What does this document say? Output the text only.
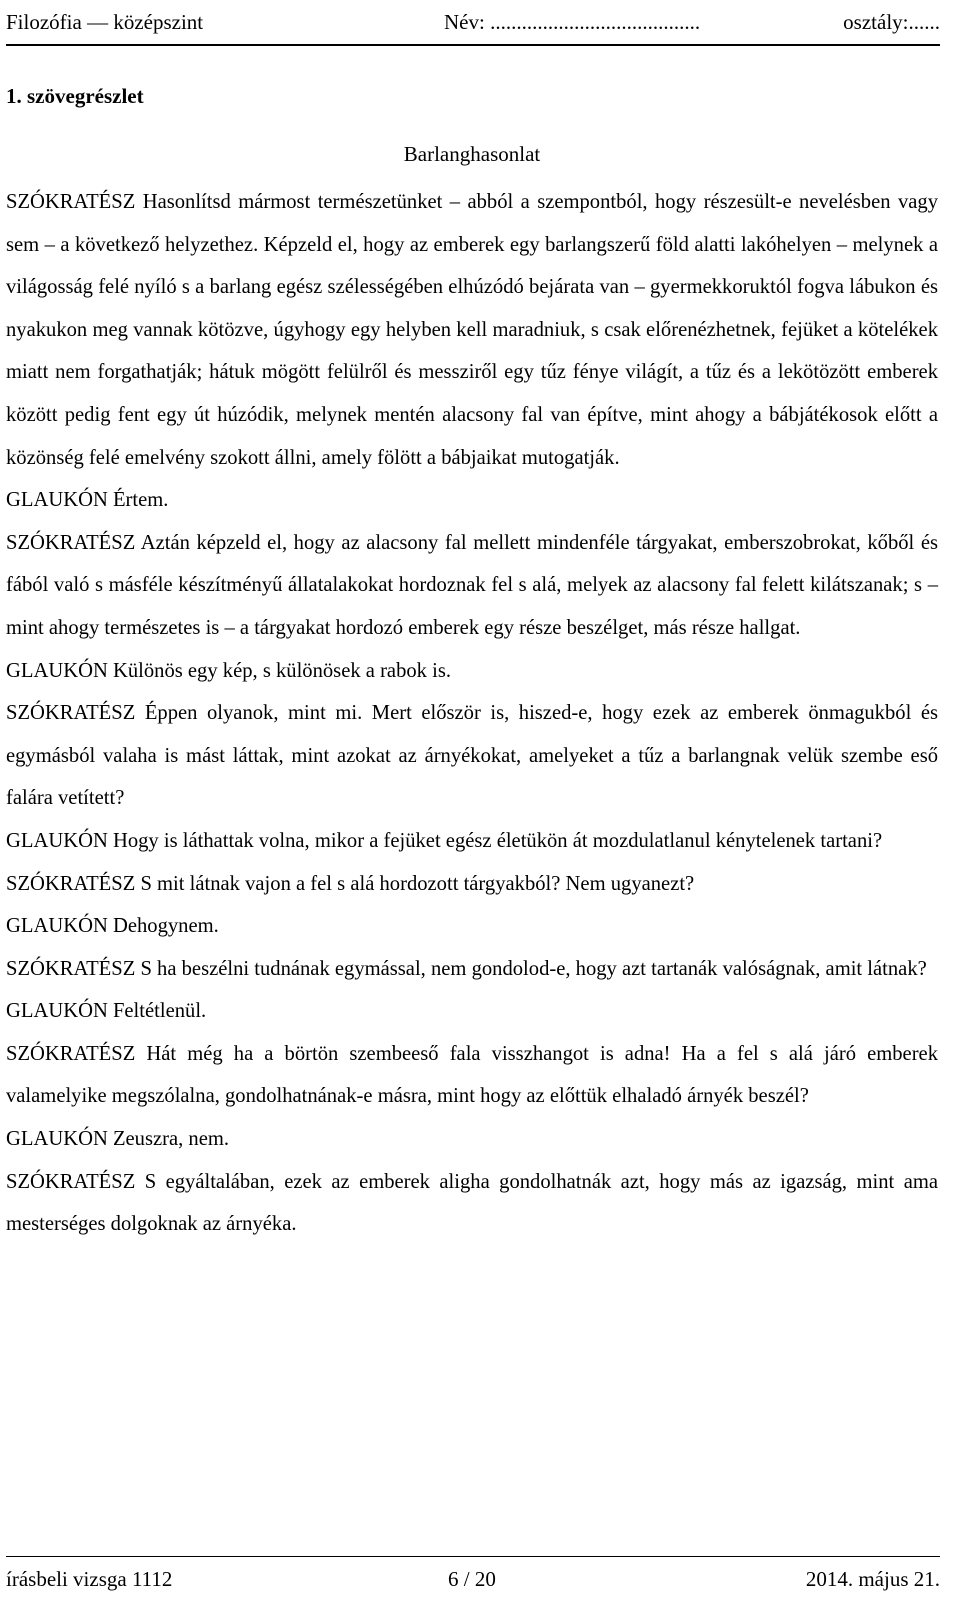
Filozófia — középszint	Név: ........................................	osztály:......
1. szövegrészlet
Barlanghasonlat

SZÓKRATÉSZ Hasonlítsd mármost természetünket – abból a szempontból, hogy részesült-e nevelésben vagy sem – a következő helyzethez. Képzeld el, hogy az emberek egy barlangszerű föld alatti lakóhelyen – melynek a világosság felé nyíló s a barlang egész szélességében elhúzódó bejárata van – gyermekkoruktól fogva lábukon és nyakukon meg vannak kötözve, úgyhogy egy helyben kell maradniuk, s csak előrenézhetnek, fejüket a kötelékek miatt nem forgathatják; hátuk mögött felülről és messziről egy tűz fénye világít, a tűz és a lekötözött emberek között pedig fent egy út húzódik, melynek mentén alacsony fal van építve, mint ahogy a bábjátékosok előtt a közönség felé emelvény szokott állni, amely fölött a bábjaikat mutogatják.

GLAUKÓN Értem.

SZÓKRATÉSZ Aztán képzeld el, hogy az alacsony fal mellett mindenféle tárgyakat, emberszobrokat, kőből és fából való s másféle készítményű állatalakokat hordoznak fel s alá, melyek az alacsony fal felett kilátszanak; s – mint ahogy természetes is – a tárgyakat hordozó emberek egy része beszélget, más része hallgat.

GLAUKÓN Különös egy kép, s különösek a rabok is.

SZÓKRATÉSZ Éppen olyanok, mint mi. Mert először is, hiszed-e, hogy ezek az emberek önmagukból és egymásból valaha is mást láttak, mint azokat az árnyékokat, amelyeket a tűz a barlangnak velük szembe eső falára vetített?

GLAUKÓN Hogy is láthattak volna, mikor a fejüket egész életükön át mozdulatlanul kénytelenek tartani?

SZÓKRATÉSZ S mit látnak vajon a fel s alá hordozott tárgyakból? Nem ugyanezt?

GLAUKÓN Dehogynem.

SZÓKRATÉSZ S ha beszélni tudnának egymással, nem gondolod-e, hogy azt tartanák valóságnak, amit látnak?

GLAUKÓN Feltétlenül.

SZÓKRATÉSZ Hát még ha a börtön szembeeső fala visszhangot is adna! Ha a fel s alá járó emberek valamelyike megszólalna, gondolhatnának-e másra, mint hogy az előttük elhaladó árnyék beszél?

GLAUKÓN Zeuszra, nem.

SZÓKRATÉSZ S egyáltalában, ezek az emberek aligha gondolhatnák azt, hogy más az igazság, mint ama mesterséges dolgoknak az árnyéka.

írásbeli vizsga 1112	6 / 20	2014. május 21.
